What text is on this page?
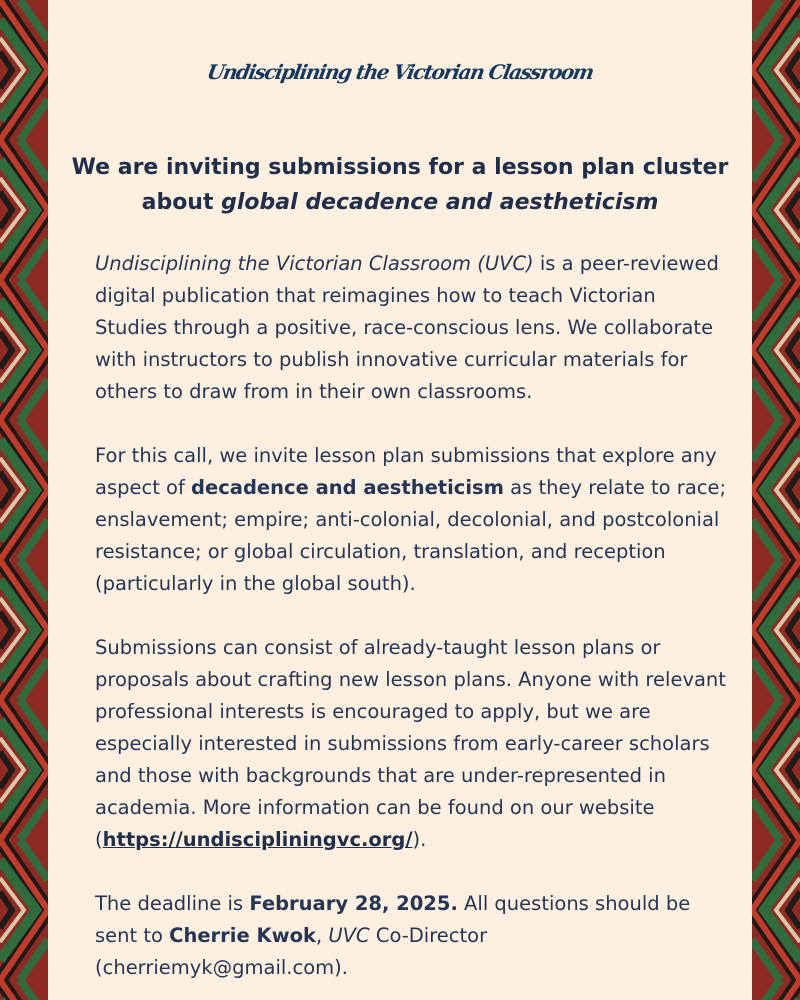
Undisciplining the Victorian Classroom
We are inviting submissions for a lesson plan cluster
about global decadence and aestheticism

Undisciplining the Victorian Classroom (UVC) is a peer-reviewed digital publication that reimagines how to teach Victorian Studies through a positive, race-conscious lens. We collaborate with instructors to publish innovative curricular materials for others to draw from in their own classrooms.

For this call, we invite lesson plan submissions that explore any aspect of decadence and aestheticism as they relate to race; enslavement; empire; anti-colonial, decolonial, and postcolonial resistance; or global circulation, translation, and reception (particularly in the global south).

Submissions can consist of already-taught lesson plans or proposals about crafting new lesson plans. Anyone with relevant professional interests is encouraged to apply, but we are especially interested in submissions from early-career scholars and those with backgrounds that are under-represented in academia. More information can be found on our website (https://undiscipliningvc.org/).

The deadline is February 28, 2025. All questions should be sent to Cherrie Kwok, UVC Co-Director (cherriemyk@gmail.com).
